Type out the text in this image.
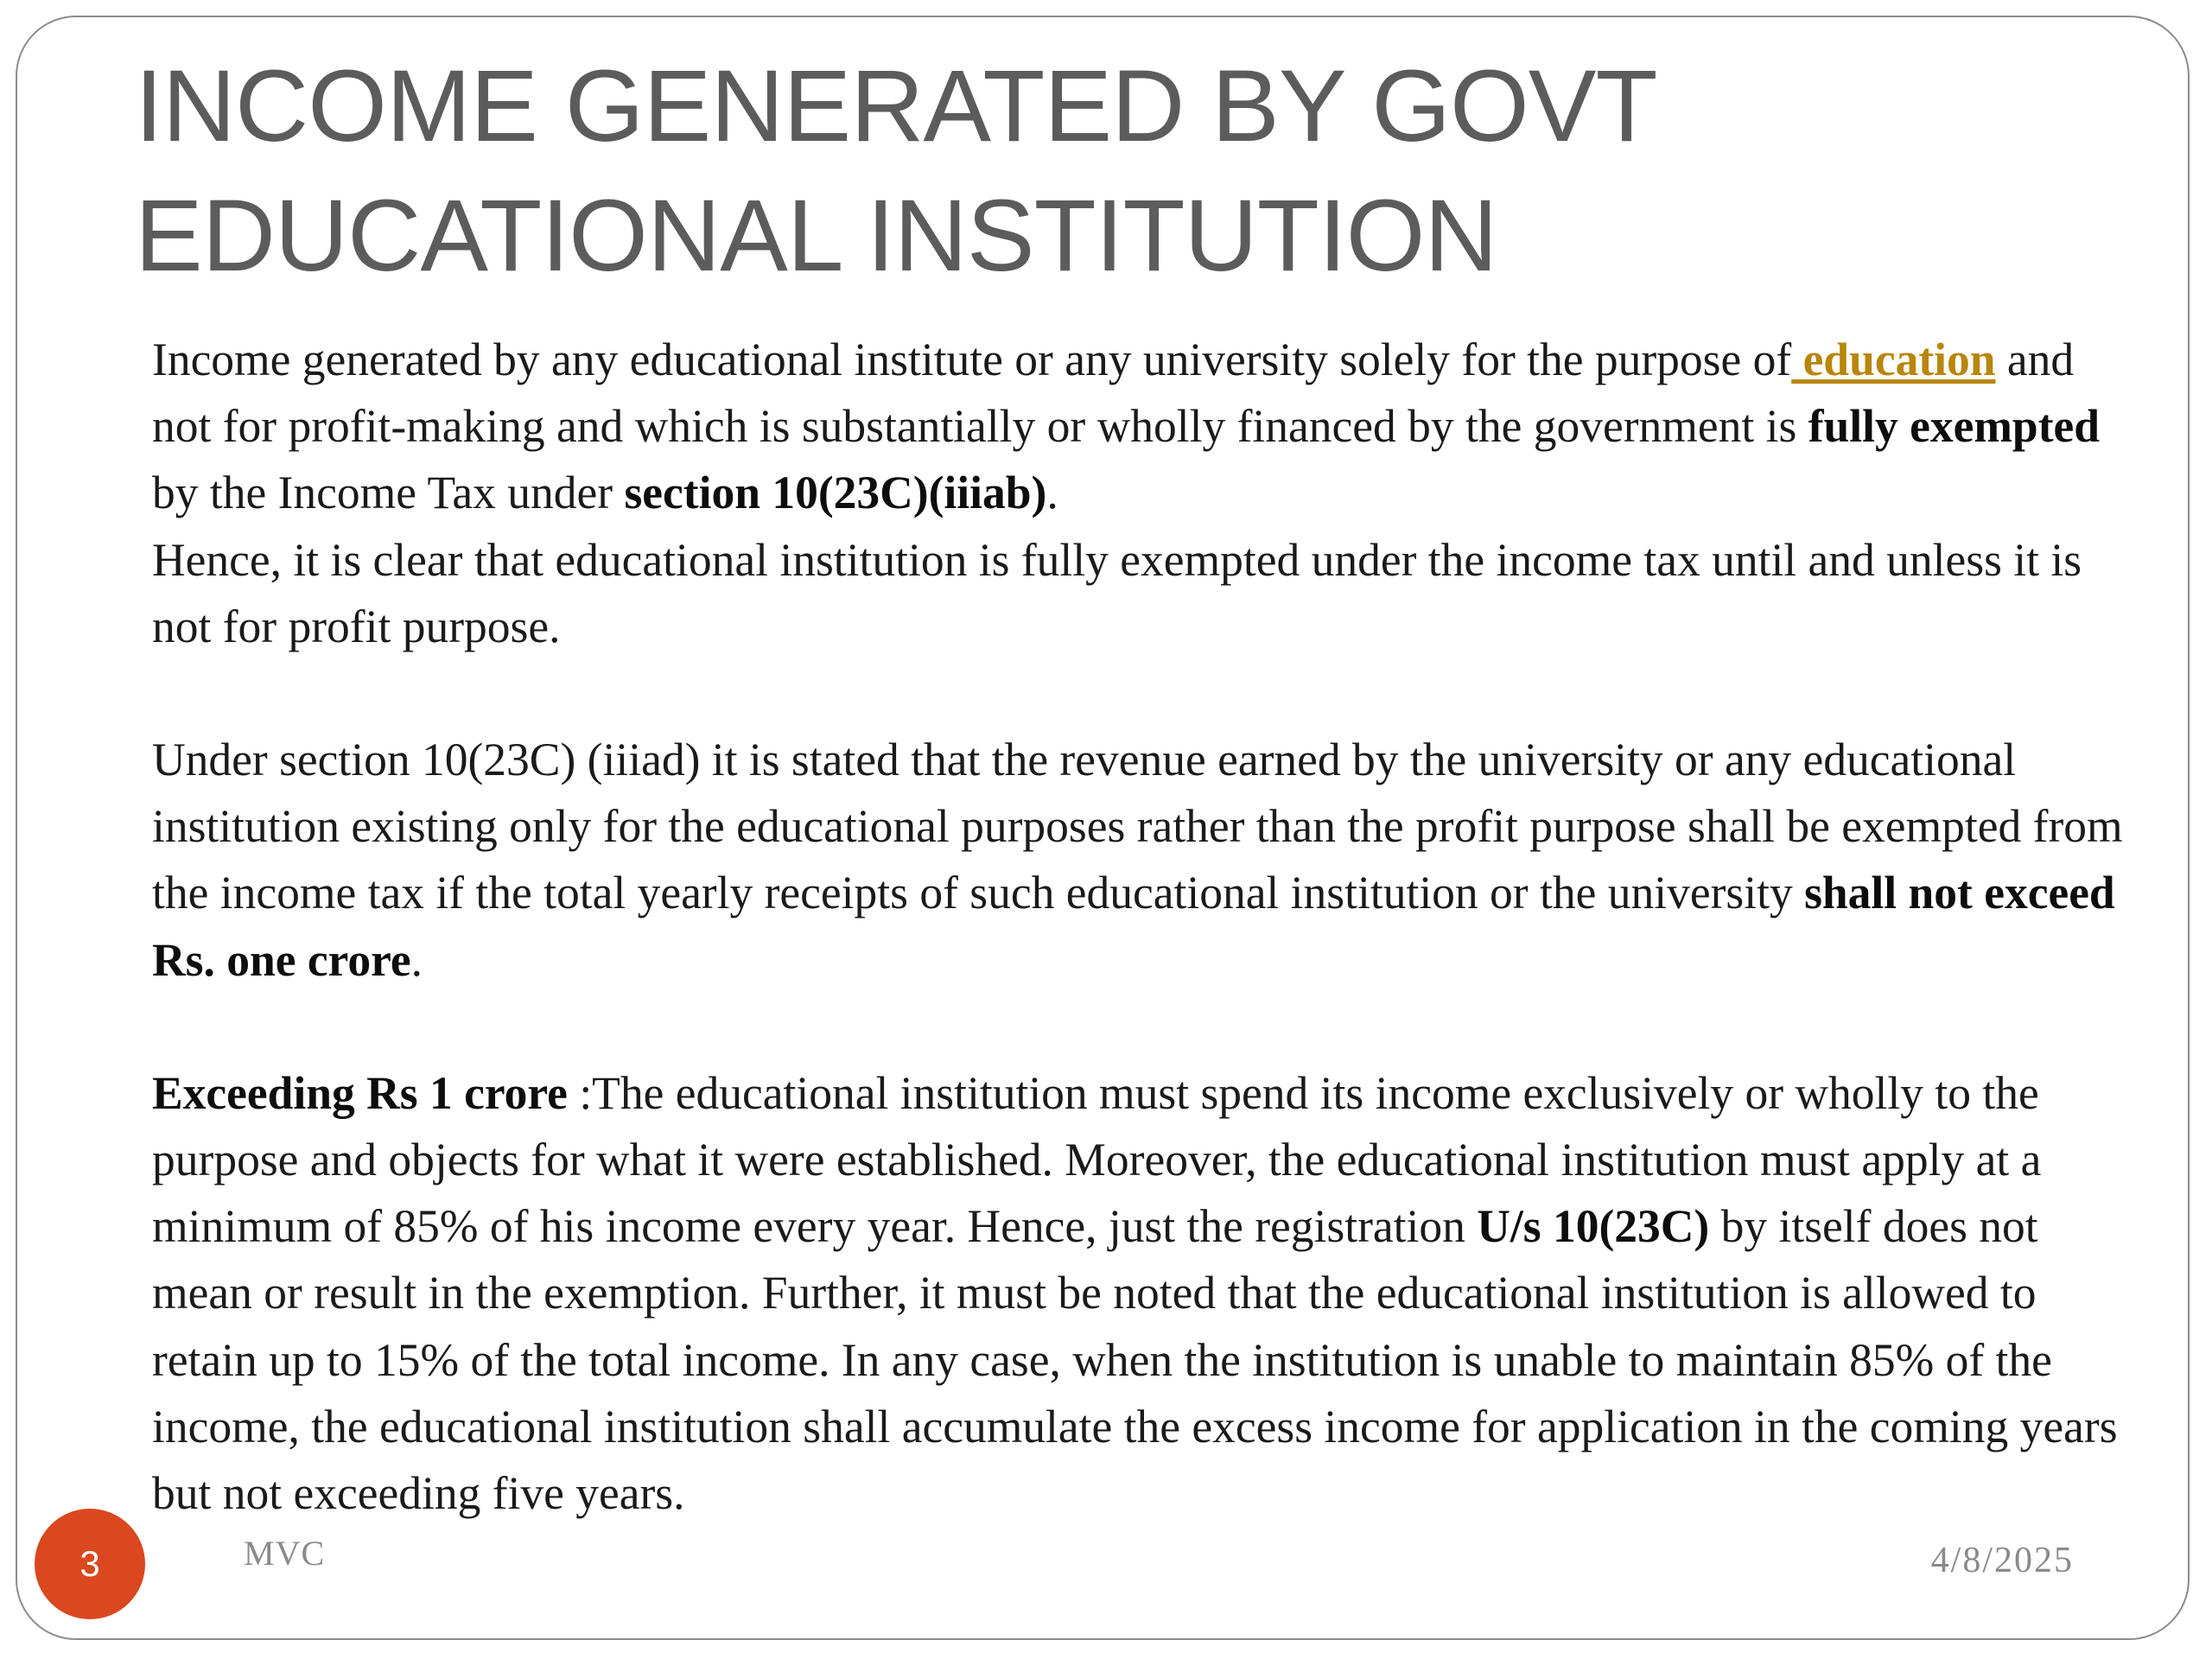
INCOME GENERATED BY GOVT
EDUCATIONAL INSTITUTION

Income generated by any educational institute or any university solely for the purpose of education and not for profit-making and which is substantially or wholly financed by the government is fully exempted by the Income Tax under section 10(23C)(iiiab).

Hence, it is clear that educational institution is fully exempted under the income tax until and unless it is not for profit purpose.

Under section 10(23C) (iiiad) it is stated that the revenue earned by the university or any educational institution existing only for the educational purposes rather than the profit purpose shall be exempted from the income tax if the total yearly receipts of such educational institution or the university shall not exceed Rs. one crore.

Exceeding Rs 1 crore :The educational institution must spend its income exclusively or wholly to the purpose and objects for what it were established. Moreover, the educational institution must apply at a minimum of 85% of his income every year. Hence, just the registration U/s 10(23C) by itself does not mean or result in the exemption. Further, it must be noted that the educational institution is allowed to retain up to 15% of the total income. In any case, when the institution is unable to maintain 85% of the income, the educational institution shall accumulate the excess income for application in the coming years but not exceeding five years.

3	MVC	4/8/2025
